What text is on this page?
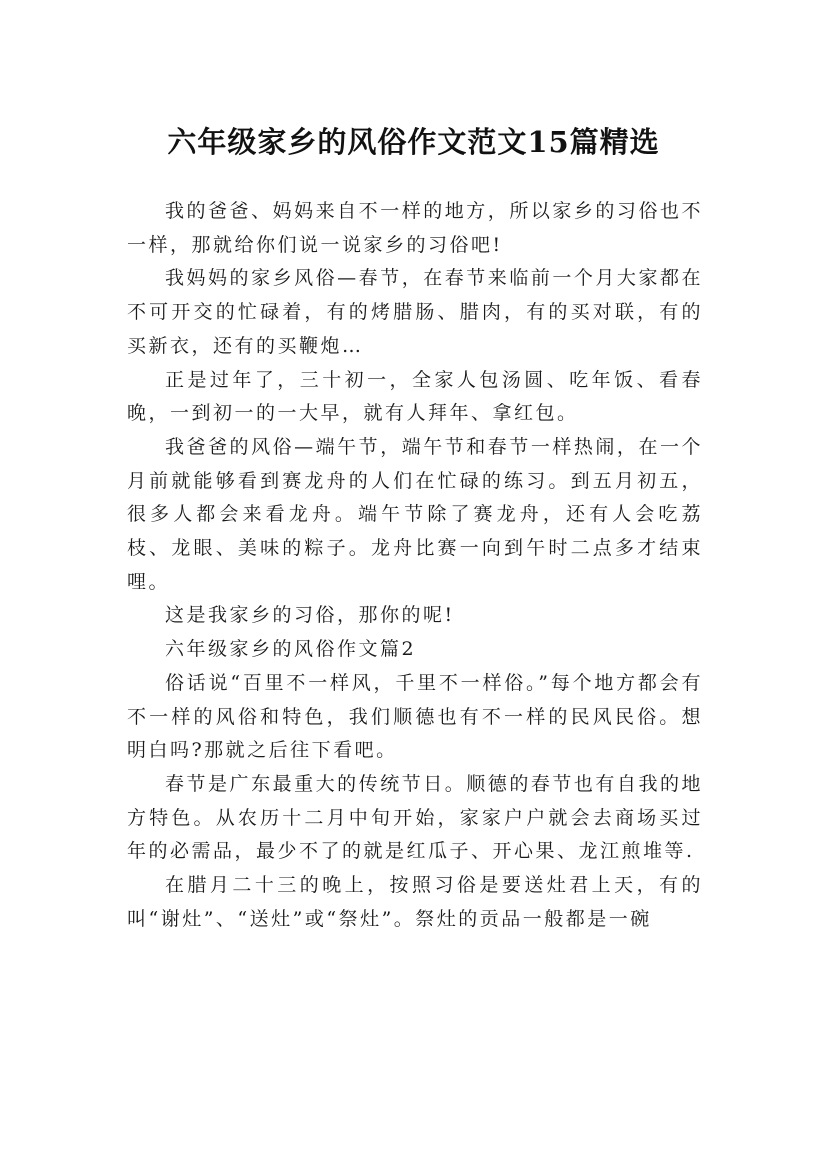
六年级家乡的风俗作文范文15篇精选

我的爸爸、妈妈来自不一样的地方，所以家乡的习俗也不一样，那就给你们说一说家乡的习俗吧!

我妈妈的家乡风俗—春节，在春节来临前一个月大家都在不可开交的忙碌着，有的烤腊肠、腊肉，有的买对联，有的买新衣，还有的买鞭炮…

正是过年了，三十初一，全家人包汤圆、吃年饭、看春晚，一到初一的一大早，就有人拜年、拿红包。

我爸爸的风俗—端午节，端午节和春节一样热闹，在一个月前就能够看到赛龙舟的人们在忙碌的练习。到五月初五，很多人都会来看龙舟。端午节除了赛龙舟，还有人会吃荔枝、龙眼、美味的粽子。龙舟比赛一向到午时二点多才结束哩。

这是我家乡的习俗，那你的呢!

六年级家乡的风俗作文篇2

俗话说“百里不一样风，千里不一样俗。”每个地方都会有不一样的风俗和特色，我们顺德也有不一样的民风民俗。想明白吗?那就之后往下看吧。

春节是广东最重大的传统节日。顺德的春节也有自我的地方特色。从农历十二月中旬开始，家家户户就会去商场买过年的必需品，最少不了的就是红瓜子、开心果、龙江煎堆等.

在腊月二十三的晚上，按照习俗是要送灶君上天，有的叫“谢灶”、“送灶”或“祭灶”。祭灶的贡品一般都是一碗
